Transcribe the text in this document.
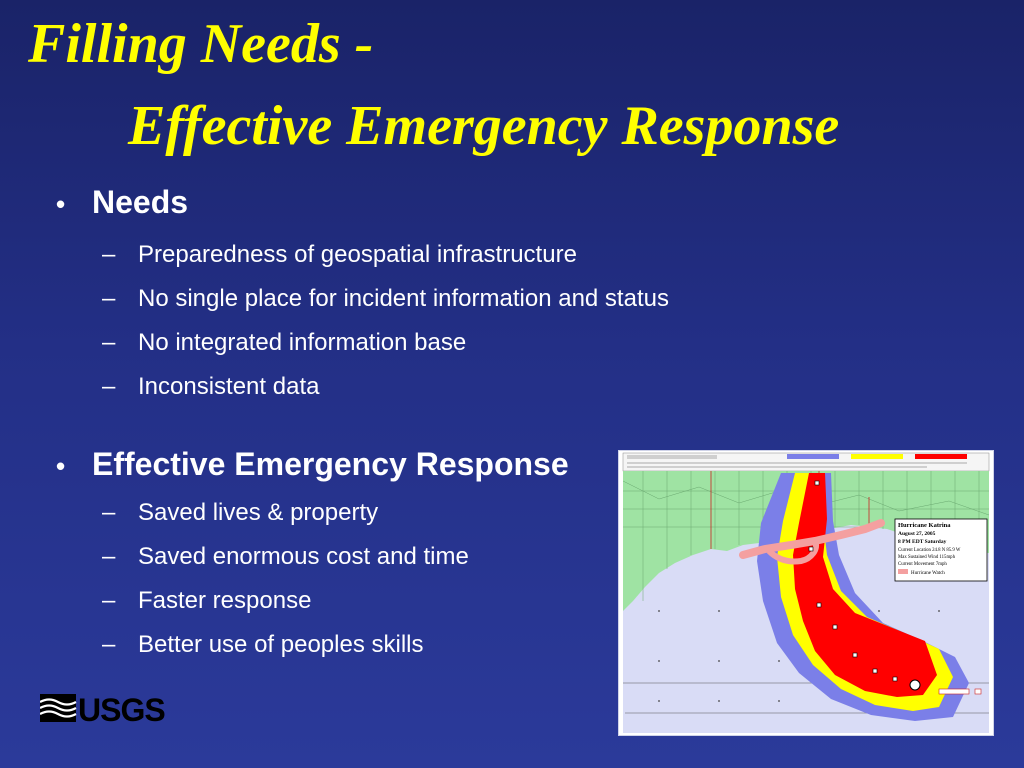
Filling Needs -
Effective Emergency Response
• Needs
– Preparedness of geospatial infrastructure
– No single place for incident information and status
– No integrated information base
– Inconsistent data
• Effective Emergency Response
– Saved lives & property
– Saved enormous cost and time
– Faster response
– Better use of peoples skills
USGS
Hurricane Katrina
August 27, 2005
8 PM EDT Saturday
Current Location 24.8 N 85.9 W
Max Sustained Wind 115mph
Current Movement 7mph
Hurricane Watch
